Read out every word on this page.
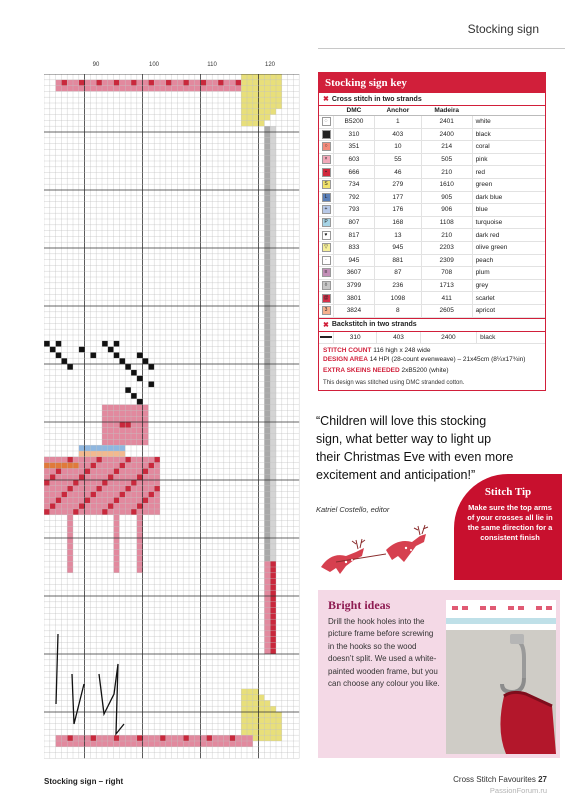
Stocking sign
90	100	110	120
Stocking sign – right
Stocking sign key
✖ Cross stitch in two strands
	DMC	Anchor	Madeira	
◌	B5200	1	2401	white
■	310	403	2400	black
○	351	10	214	coral
×	603	55	505	pink
▪	666	46	210	red
S	734	279	1610	green
L	792	177	905	dark blue
+	793	176	906	blue
P	807	168	1108	turquoise
♥	817	13	210	dark red
▽	833	945	2203	olive green
·	945	881	2309	peach
≡	3607	87	708	plum
◊	3799	236	1713	grey
@	3801	1098	411	scarlet
3	3824	8	2605	apricot
✖ Backstitch in two strands
	310	403	2400	black
STITCH COUNT 116 high x 248 wide
DESIGN AREA 14 HPI (28-count evenweave) – 21x45cm (8¼x17¾in)
EXTRA SKEINS NEEDED 2xB5200 (white)
This design was stitched using DMC stranded cotton.
“Children will love this stocking sign, what better way to light up their Christmas Eve with even more excitement and anticipation!”
Katriel Costello, editor
Stitch Tip
Make sure the top arms of your crosses all lie in the same direction for a consistent finish
Bright ideas
Drill the hook holes into the picture frame before screwing in the hooks so the wood doesn’t split. We used a white-painted wooden frame, but you can choose any colour you like.
Cross Stitch Favourites 27
PassionForum.ru
